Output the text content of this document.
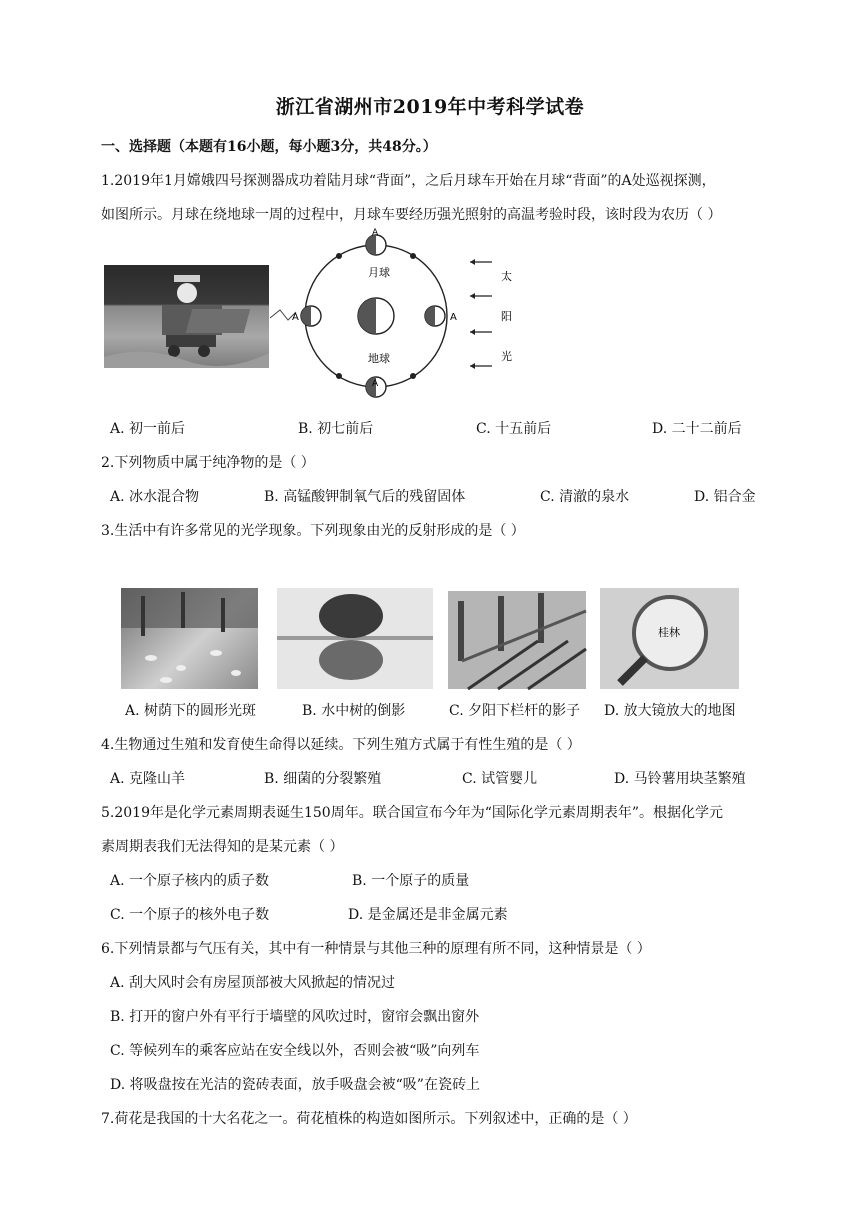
浙江省湖州市2019年中考科学试卷
一、选择题（本题有16小题，每小题3分，共48分。）
1.2019年1月嫦娥四号探测器成功着陆月球“背面”，之后月球车开始在月球“背面”的A处巡视探测，
如图所示。月球在绕地球一周的过程中，月球车要经历强光照射的高温考验时段，该时段为农历（ ）
月球
地球
A
A	A
A
太
阳
光
A. 初一前后	B. 初七前后	C. 十五前后	D. 二十二前后
2.下列物质中属于纯净物的是（ ）
A. 冰水混合物	B. 高锰酸钾制氧气后的残留固体	C. 清澈的泉水	D. 铝合金
3.生活中有许多常见的光学现象。下列现象由光的反射形成的是（ ）
桂林
A. 树荫下的圆形光斑	B. 水中树的倒影	C. 夕阳下栏杆的影子 D. 放大镜放大的地图
4.生物通过生殖和发育使生命得以延续。下列生殖方式属于有性生殖的是（ ）
A. 克隆山羊	B. 细菌的分裂繁殖	C. 试管婴儿	D. 马铃薯用块茎繁殖
5.2019年是化学元素周期表诞生150周年。联合国宣布今年为“国际化学元素周期表年”。根据化学元
素周期表我们无法得知的是某元素（ ）
A. 一个原子核内的质子数	B. 一个原子的质量
C. 一个原子的核外电子数	D. 是金属还是非金属元素
6.下列情景都与气压有关，其中有一种情景与其他三种的原理有所不同，这种情景是（ ）
A. 刮大风时会有房屋顶部被大风掀起的情况过
B. 打开的窗户外有平行于墙壁的风吹过时，窗帘会飘出窗外
C. 等候列车的乘客应站在安全线以外，否则会被“吸”向列车
D. 将吸盘按在光洁的瓷砖表面，放手吸盘会被“吸”在瓷砖上
7.荷花是我国的十大名花之一。荷花植株的构造如图所示。下列叙述中，正确的是（ ）
